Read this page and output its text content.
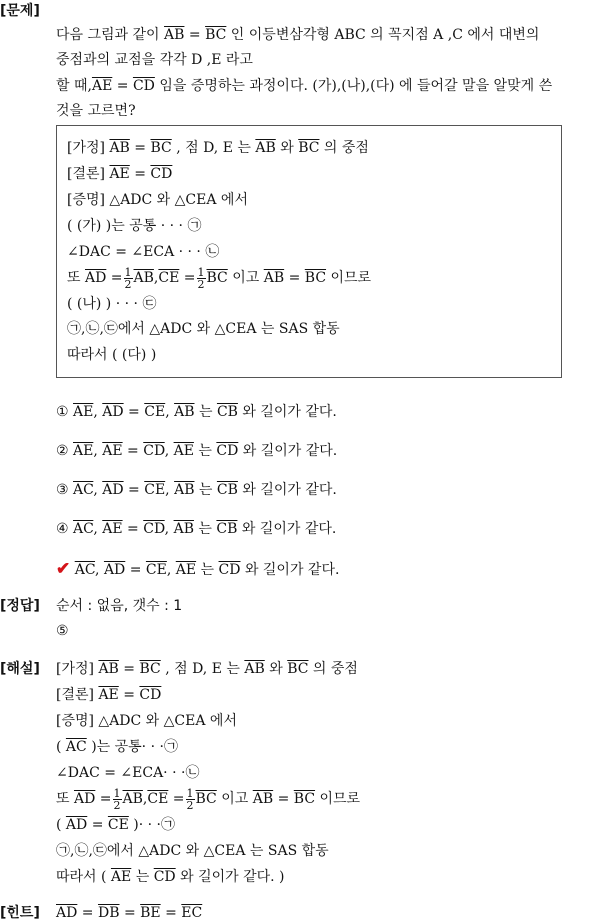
[문제]
다음 그림과 같이 $\overline{AB} = \overline{BC}$ 인 이등변삼각형 ABC 의 꼭지점 A ,C 에서 대변의
중점과의 교점을 각각 D ,E 라고
할 때$,\overline{AE} = \overline{CD}$ 임을 증명하는 과정이다. (가),(나),(다) 에 들어갈 말을 알맞게 쓴
것을 고르면?
[가정] $\overline{AB} = \overline{BC}$ , 점 D, E 는 $\overline{AB}$ 와 $\overline{BC}$ 의 중점
[결론] $\overline{AE} = \overline{CD}$
[증명] △ADC 와 △CEA 에서
( (가) )는 공통 · · · ㉠
∠DAC = ∠ECA · · · ㉡
또 $\overline{AD} = \frac{1}{2} \overline{AB},\overline{CE} = \frac{1}{2} \overline{BC}$ 이고 $\overline{AB} = \overline{BC}$ 이므로
( (나) ) · · · ㉢
㉠,㉡,㉢에서 △ADC 와 △CEA 는 SAS 합동
따라서 ( (다) )
① $\overline{AE}$, $\overline{AD} = \overline{CE}$, $\overline{AB}$ 는 $\overline{CB}$ 와 길이가 같다.
② $\overline{AE}$, $\overline{AE} = \overline{CD}$, $\overline{AE}$ 는 $\overline{CD}$ 와 길이가 같다.
③ $\overline{AC}$, $\overline{AD} = \overline{CE}$, $\overline{AB}$ 는 $\overline{CB}$ 와 길이가 같다.
④ $\overline{AC}$, $\overline{AE} = \overline{CD}$, $\overline{AB}$ 는 $\overline{CB}$ 와 길이가 같다.
✔ $\overline{AC}$, $\overline{AD} = \overline{CE}$, $\overline{AE}$ 는 $\overline{CD}$ 와 길이가 같다.
[정답] 순서 : 없음, 갯수 : 1
⑤
[해설] [가정] $\overline{AB} = \overline{BC}$ , 점 D, E 는 $\overline{AB}$ 와 $\overline{BC}$ 의 중점
[결론] $\overline{AE} = \overline{CD}$
[증명] △ADC 와 △CEA 에서
( $\overline{AC}$ )는 공통· · ·㉠
∠DAC = ∠ECA· · ·㉡
또 $\overline{AD} = \frac{1}{2} \overline{AB},\overline{CE} = \frac{1}{2} \overline{BC}$ 이고 $\overline{AB} = \overline{BC}$ 이므로
( $\overline{AD} = \overline{CE}$ )· · ·㉠
㉠,㉡,㉢에서 △ADC 와 △CEA 는 SAS 합동
따라서 ( $\overline{AE}$ 는 $\overline{CD}$ 와 길이가 같다. )
[힌트] $\overline{AD} = \overline{DB} = \overline{BE} = \overline{EC}$
